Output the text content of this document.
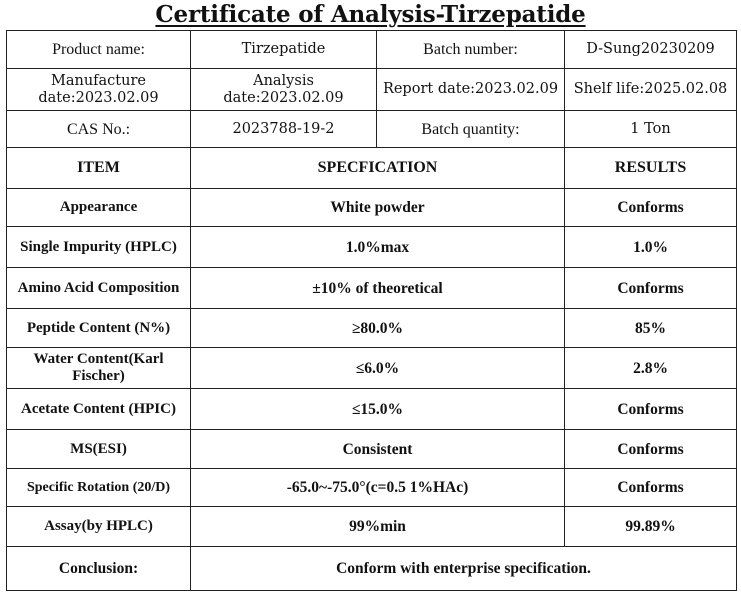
Certificate of Analysis-Tirzepatide
Product name:	Tirzepatide	Batch number:	D-Sung20230209
Manufacture date:2023.02.09	Analysis date:2023.02.09	Report date:2023.02.09	Shelf life:2025.02.08
CAS No.:	2023788-19-2	Batch quantity:	1 Ton
ITEM	SPECFICATION		RESULTS
Appearance	White powder		Conforms
Single Impurity (HPLC)	1.0%max		1.0%
Amino Acid Composition	±10% of theoretical		Conforms
Peptide Content (N%)	≥80.0%		85%
Water Content(Karl Fischer)	≤6.0%		2.8%
Acetate Content (HPIC)	≤15.0%		Conforms
MS(ESI)	Consistent		Conforms
Specific Rotation (20/D)	-65.0~-75.0°(c=0.5 1%HAc)		Conforms
Assay(by HPLC)	99%min		99.89%
Conclusion:	Conform with enterprise specification.		
